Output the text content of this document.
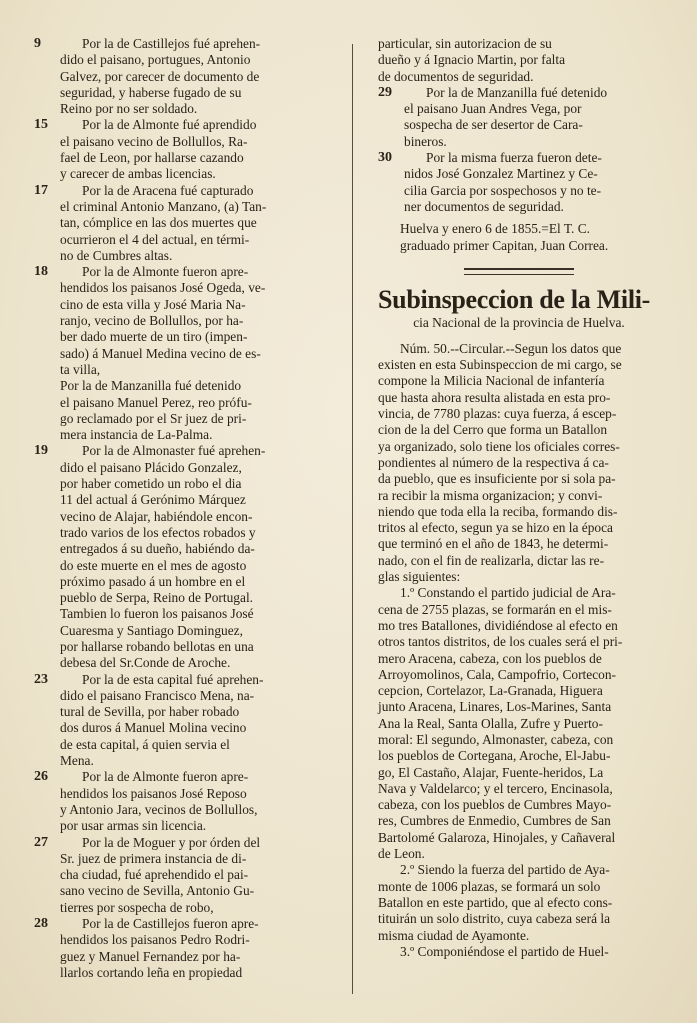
9	Por la de Castillejos fué aprehen-
dido el paisano, portugues, Antonio
Galvez, por carecer de documento de
seguridad, y haberse fugado de su
Reino por no ser soldado.
15	Por la de Almonte fué aprendido
el paisano vecino de Bollullos, Ra-
fael de Leon, por hallarse cazando
y carecer de ambas licencias.
17	Por la de Aracena fué capturado
el criminal Antonio Manzano, (a) Tan-
tan, cómplice en las dos muertes que
ocurrieron el 4 del actual, en térmi-
no de Cumbres altas.
18	Por la de Almonte fueron apre-
hendidos los paisanos José Ogeda, ve-
cino de esta villa y José Maria Na-
ranjo, vecino de Bollullos, por ha-
ber dado muerte de un tiro (impen-
sado) á Manuel Medina vecino de es-
ta villa,
Por la de Manzanilla fué detenido
el paisano Manuel Perez, reo prófu-
go reclamado por el Sr juez de pri-
mera instancia de La-Palma.
19	Por la de Almonaster fué aprehen-
dido el paisano Plácido Gonzalez,
por haber cometido un robo el dia
11 del actual á Gerónimo Márquez
vecino de Alajar, habiéndole encon-
trado varios de los efectos robados y
entregados á su dueño, habiéndo da-
do este muerte en el mes de agosto
próximo pasado á un hombre en el
pueblo de Serpa, Reino de Portugal.
Tambien lo fueron los paisanos José
Cuaresma y Santiago Dominguez,
por hallarse robando bellotas en una
debesa del Sr.Conde de Aroche.
23	Por la de esta capital fué aprehen-
dido el paisano Francisco Mena, na-
tural de Sevilla, por haber robado
dos duros á Manuel Molina vecino
de esta capital, á quien servia el
Mena.
26	Por la de Almonte fueron apre-
hendidos los paisanos José Reposo
y Antonio Jara, vecinos de Bollullos,
por usar armas sin licencia.
27	Por la de Moguer y por órden del
Sr. juez de primera instancia de di-
cha ciudad, fué aprehendido el pai-
sano vecino de Sevilla, Antonio Gu-
tierres por sospecha de robo,
28	Por la de Castillejos fueron apre-
hendidos los paisanos Pedro Rodri-
guez y Manuel Fernandez por ha-
llarlos cortando leña en propiedad
particular, sin autorizacion de su
dueño y á Ignacio Martin, por falta
de documentos de seguridad.
29	Por la de Manzanilla fué detenido
el paisano Juan Andres Vega, por
sospecha de ser desertor de Cara-
bineros.
30	Por la misma fuerza fueron dete-
nidos José Gonzalez Martinez y Ce-
cilia Garcia por sospechosos y no te-
ner documentos de seguridad.
Huelva y enero 6 de 1855.=El T. C.
graduado primer Capitan, Juan Correa.
Subinspeccion de la Mili-
cia Nacional de la provincia de Huelva.
Núm. 50.--Circular.--Segun los datos que
existen en esta Subinspeccion de mi cargo, se
compone la Milicia Nacional de infantería
que hasta ahora resulta alistada en esta pro-
vincia, de 7780 plazas: cuya fuerza, á escep-
cion de la del Cerro que forma un Batallon
ya organizado, solo tiene los oficiales corres-
pondientes al número de la respectiva á ca-
da pueblo, que es insuficiente por si sola pa-
ra recibir la misma organizacion; y convi-
niendo que toda ella la reciba, formando dis-
tritos al efecto, segun ya se hizo en la época
que terminó en el año de 1843, he determi-
nado, con el fin de realizarla, dictar las re-
glas siguientes:
1.º Constando el partido judicial de Ara-
cena de 2755 plazas, se formarán en el mis-
mo tres Batallones, dividiéndose al efecto en
otros tantos distritos, de los cuales será el pri-
mero Aracena, cabeza, con los pueblos de
Arroyomolinos, Cala, Campofrio, Cortecon-
cepcion, Cortelazor, La-Granada, Higuera
junto Aracena, Linares, Los-Marines, Santa
Ana la Real, Santa Olalla, Zufre y Puerto-
moral: El segundo, Almonaster, cabeza, con
los pueblos de Cortegana, Aroche, El-Jabu-
go, El Castaño, Alajar, Fuente-heridos, La
Nava y Valdelarco; y el tercero, Encinasola,
cabeza, con los pueblos de Cumbres Mayo-
res, Cumbres de Enmedio, Cumbres de San
Bartolomé Galaroza, Hinojales, y Cañaveral
de Leon.
2.º Siendo la fuerza del partido de Aya-
monte de 1006 plazas, se formará un solo
Batallon en este partido, que al efecto cons-
tituirán un solo distrito, cuya cabeza será la
misma ciudad de Ayamonte.
3.º Componiéndose el partido de Huel-
